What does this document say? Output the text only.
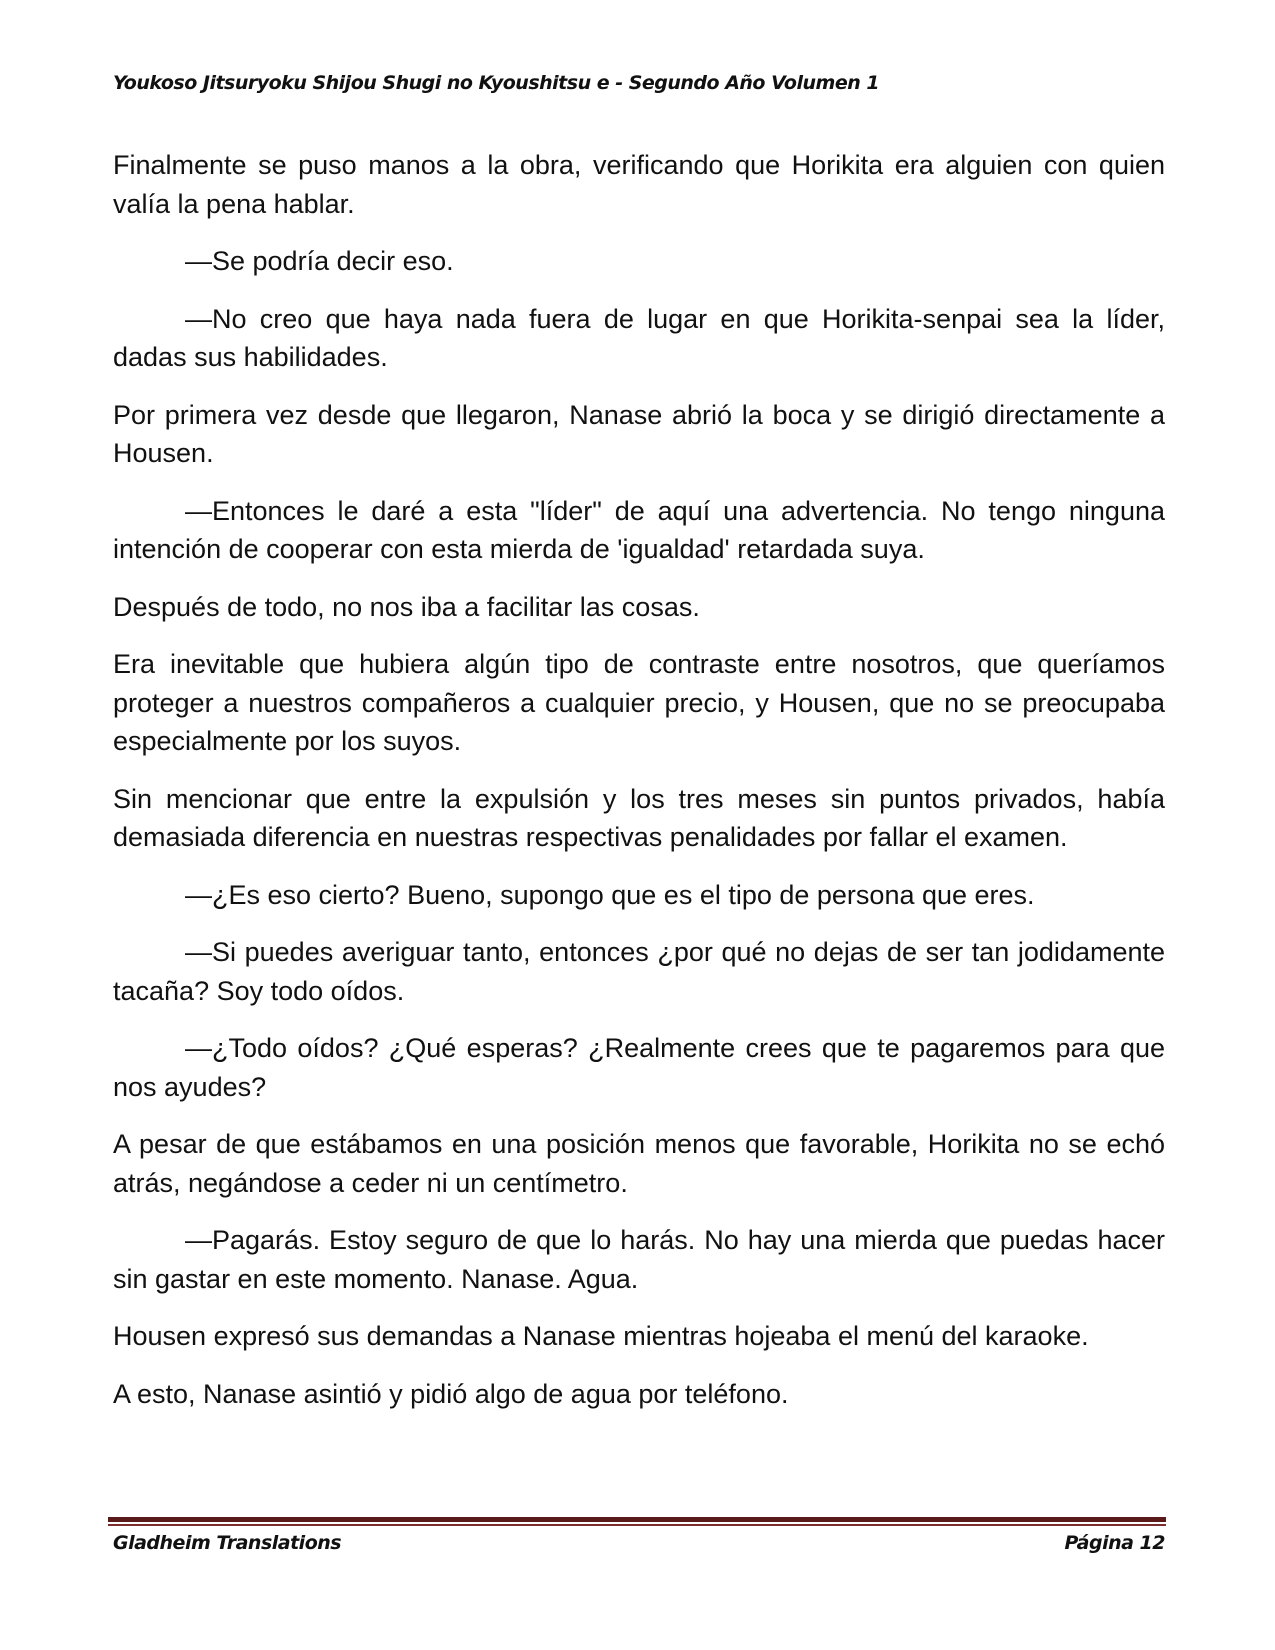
Youkoso Jitsuryoku Shijou Shugi no Kyoushitsu e - Segundo Año Volumen 1

Finalmente se puso manos a la obra, verificando que Horikita era alguien con quien valía la pena hablar.

—Se podría decir eso.

—No creo que haya nada fuera de lugar en que Horikita-senpai sea la líder, dadas sus habilidades.

Por primera vez desde que llegaron, Nanase abrió la boca y se dirigió directamente a Housen.

—Entonces le daré a esta "líder" de aquí una advertencia. No tengo ninguna intención de cooperar con esta mierda de 'igualdad' retardada suya.

Después de todo, no nos iba a facilitar las cosas.

Era inevitable que hubiera algún tipo de contraste entre nosotros, que queríamos proteger a nuestros compañeros a cualquier precio, y Housen, que no se preocupaba especialmente por los suyos.

Sin mencionar que entre la expulsión y los tres meses sin puntos privados, había demasiada diferencia en nuestras respectivas penalidades por fallar el examen.

—¿Es eso cierto? Bueno, supongo que es el tipo de persona que eres.

—Si puedes averiguar tanto, entonces ¿por qué no dejas de ser tan jodidamente tacaña? Soy todo oídos.

—¿Todo oídos? ¿Qué esperas? ¿Realmente crees que te pagaremos para que nos ayudes?

A pesar de que estábamos en una posición menos que favorable, Horikita no se echó atrás, negándose a ceder ni un centímetro.

—Pagarás. Estoy seguro de que lo harás. No hay una mierda que puedas hacer sin gastar en este momento. Nanase. Agua.

Housen expresó sus demandas a Nanase mientras hojeaba el menú del karaoke.

A esto, Nanase asintió y pidió algo de agua por teléfono.

Gladheim Translations	Página 12
